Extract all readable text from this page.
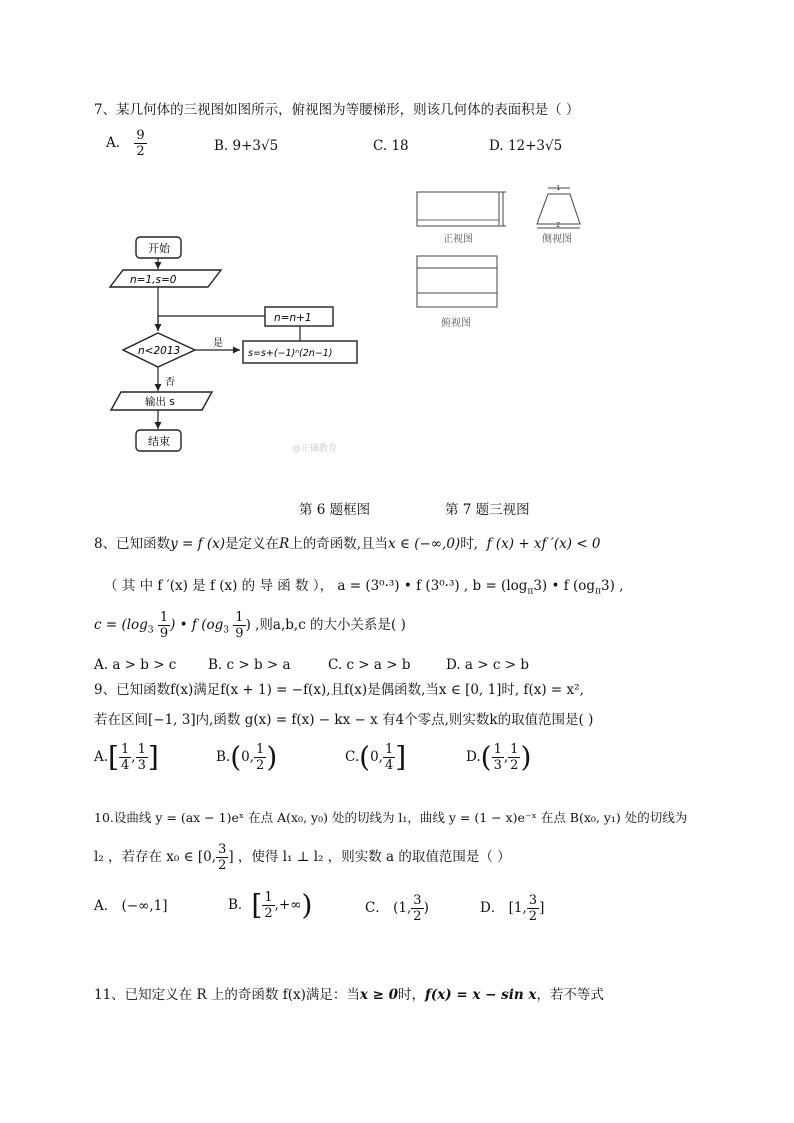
7、某几何体的三视图如图所示，俯视图为等腰梯形，则该几何体的表面积是（ ）
A. $\frac{9}{2}$	B. 9+3√5	C. 18	D. 12+3√5
正视图
1
2
侧视图
俯视图
开始
n=1,s=0
n<2013
是
s=s+(−1)ⁿ(2n−1)
n=n+1
否
输出 s
结束
@正确教育
第 6 题框图	第 7 题三视图
8、已知函数y = f (x)是定义在R上的奇函数,且当x ∈ (−∞,0)时, f (x) + xf ′(x) < 0
（ 其 中 f ′(x) 是 f (x) 的 导 函 数 ）， a = (3⁰·³) • f (3⁰·³) , $b = (\log_\pi 3)$ • f $(og_\pi 3)$ ,
$c = (\log_3 \frac{1}{9}$ ) • f ($og_3 \frac{1}{9}$ ) ,则a,b,c 的大小关系是( )
A. a > b > c B. c > b > a	C. c > a > b	D. a > c > b
9、已知函数f(x)满足f(x + 1) = −f(x),且f(x)是偶函数,当x ∈ [0, 1]时, f(x) = x²,
若在区间[−1, 3]内,函数 g(x) = f(x) − kx − x 有4个零点,则实数k的取值范围是( )
$A.[ \frac{1}{4}$ , $\frac{1}{3}$ ]	B.(0, $\frac{1}{2}$ )	C.(0, $\frac{1}{4}$ ]	$D.( \frac{1}{3}$ , $\frac{1}{2}$ )
10.设曲线 y = (ax − 1)eˣ 在点 A(x₀, y₀) 处的切线为 l₁，曲线 y = (1 − x)e⁻ˣ 在点 B(x₀, y₁) 处的切线为
l₂ ，若存在 x₀ ∈ [0, $\frac{3}{2}$ ] ，使得 l₁ ⊥ l₂ ，则实数 a 的取值范围是（ ）
A． (−∞,1]	B．[ $\frac{1}{2}$ ,+∞)	C． (1, $\frac{3}{2}$ )	D． [1, $\frac{3}{2}$ ]
11、已知定义在 R 上的奇函数 f(x)满足：当x ≥ 0时，f(x) = x − sin x，若不等式
